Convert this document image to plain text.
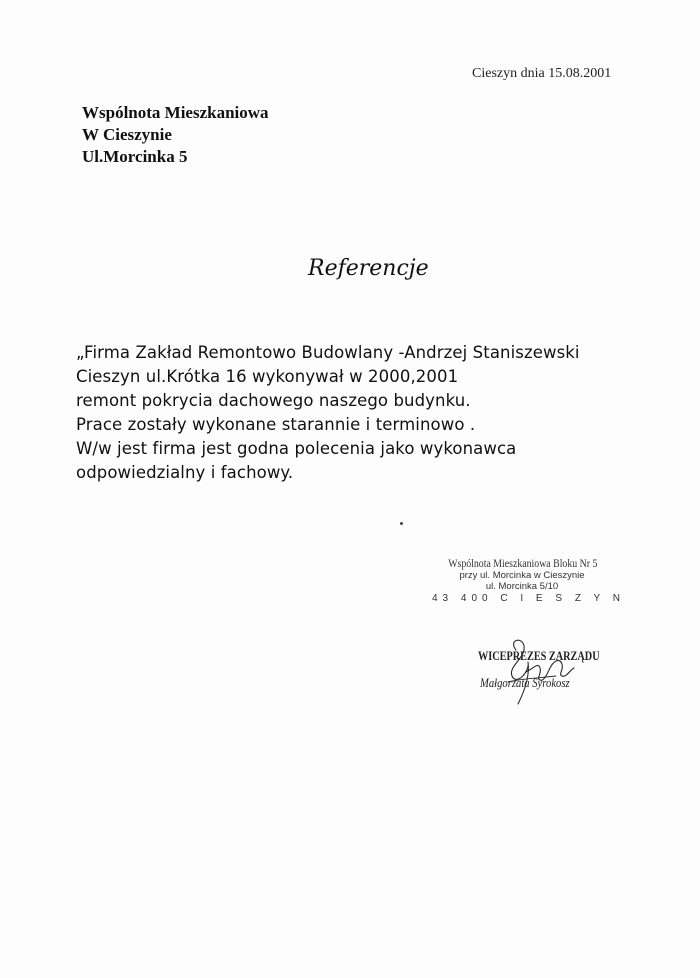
Cieszyn dnia 15.08.2001
Wspólnota Mieszkaniowa
W Cieszynie
Ul.Morcinka 5
Referencje
„Firma Zakład Remontowo Budowlany -Andrzej Staniszewski
Cieszyn ul.Krótka 16 wykonywał w 2000,2001
remont pokrycia dachowego naszego budynku.
Prace zostały wykonane starannie i terminowo .
W/w jest firma jest godna polecenia jako wykonawca
odpowiedzialny i fachowy.
Wspólnota Mieszkaniowa Bloku Nr 5
przy ul. Morcinka w Cieszynie
ul. Morcinka 5/10
43 400 C I E S Z Y N
WICEPREZES ZARZĄDU
Małgorzata Syrokosz
